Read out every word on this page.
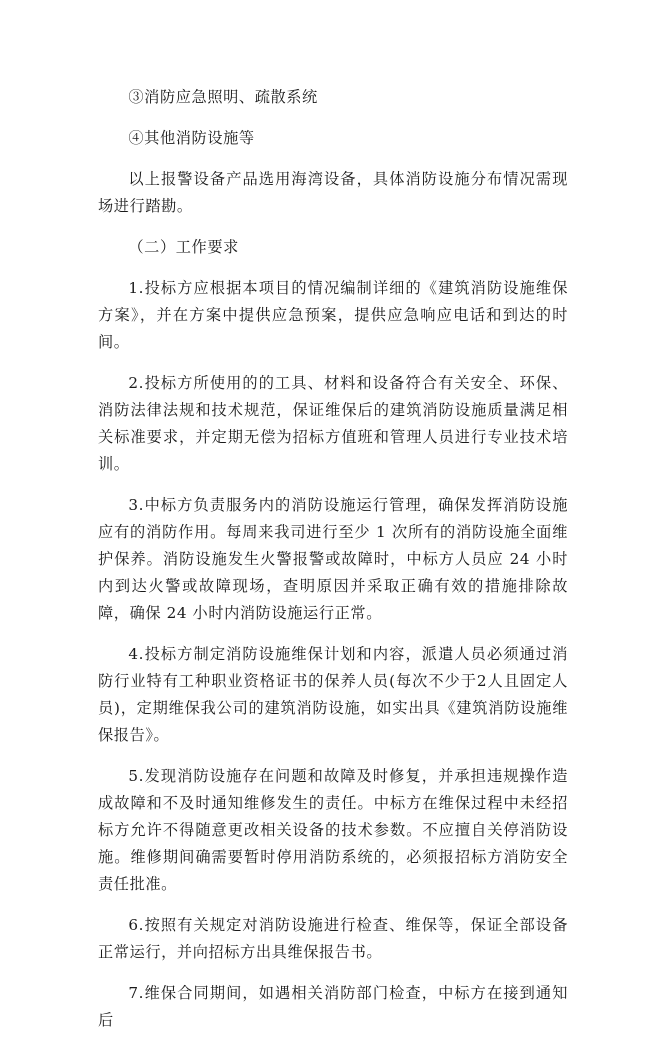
③消防应急照明、疏散系统

④其他消防设施等

以上报警设备产品选用海湾设备，具体消防设施分布情况需现场进行踏勘。

（二）工作要求

1.投标方应根据本项目的情况编制详细的《建筑消防设施维保方案》，并在方案中提供应急预案，提供应急响应电话和到达的时间。

2.投标方所使用的的工具、材料和设备符合有关安全、环保、消防法律法规和技术规范，保证维保后的建筑消防设施质量满足相关标准要求，并定期无偿为招标方值班和管理人员进行专业技术培训。

3.中标方负责服务内的消防设施运行管理，确保发挥消防设施应有的消防作用。每周来我司进行至少 1 次所有的消防设施全面维护保养。消防设施发生火警报警或故障时，中标方人员应 24 小时内到达火警或故障现场，查明原因并采取正确有效的措施排除故障，确保 24 小时内消防设施运行正常。

4.投标方制定消防设施维保计划和内容，派遣人员必须通过消防行业特有工种职业资格证书的保养人员(每次不少于2人且固定人员)，定期维保我公司的建筑消防设施，如实出具《建筑消防设施维保报告》。

5.发现消防设施存在问题和故障及时修复，并承担违规操作造成故障和不及时通知维修发生的责任。中标方在维保过程中未经招标方允许不得随意更改相关设备的技术参数。不应擅自关停消防设施。维修期间确需要暂时停用消防系统的，必须报招标方消防安全责任批准。

6.按照有关规定对消防设施进行检查、维保等，保证全部设备正常运行，并向招标方出具维保报告书。

7.维保合同期间，如遇相关消防部门检查，中标方在接到通知后
